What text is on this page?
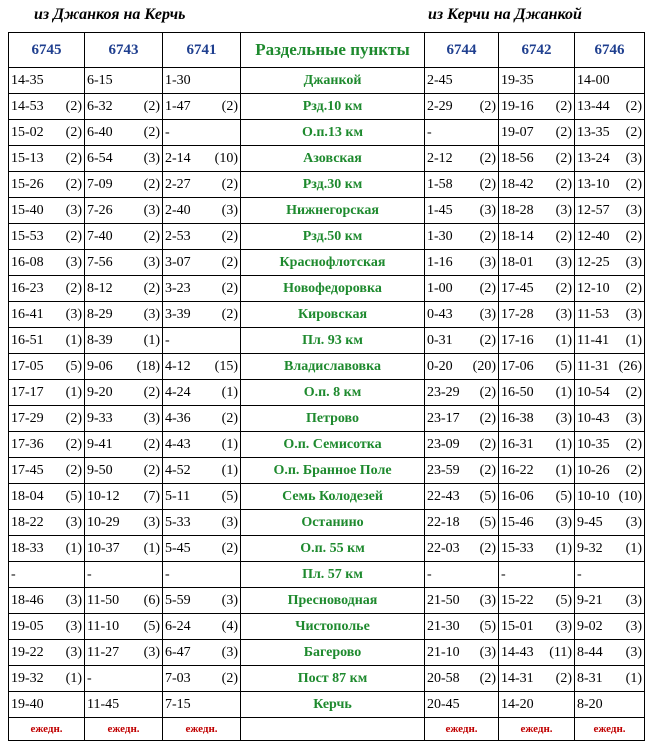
из Джанкоя на Керчь	из Керчи на Джанкой
6745	6743	6741	Раздельные пункты	6744	6742	6746

14-35	6-15	1-30	Джанкой	2-45	19-35	14-00

14-53 (2)	6-32 (2)	1-47 (2)	Рзд.10 км	2-29 (2)	19-16 (2)	13-44 (2)

15-02 (2)	6-40 (2)	-	О.п.13 км	-	19-07 (2)	13-35 (2)

15-13 (2)	6-54 (3)	2-14 (10)	Азовская	2-12 (2)	18-56 (2)	13-24 (3)

15-26 (2)	7-09 (2)	2-27 (2)	Рзд.30 км	1-58 (2)	18-42 (2)	13-10 (2)

15-40 (3)	7-26 (3)	2-40 (3)	Нижнегорская	1-45 (3)	18-28 (3)	12-57 (3)

15-53 (2)	7-40 (2)	2-53 (2)	Рзд.50 км	1-30 (2)	18-14 (2)	12-40 (2)

16-08 (3)	7-56 (3)	3-07 (2)	Краснофлотская	1-16 (3)	18-01 (3)	12-25 (3)

16-23 (2)	8-12 (2)	3-23 (2)	Новофедоровка	1-00 (2)	17-45 (2)	12-10 (2)

16-41 (3)	8-29 (3)	3-39 (2)	Кировская	0-43 (3)	17-28 (3)	11-53 (3)

16-51 (1)	8-39 (1)	-	Пл. 93 км	0-31 (2)	17-16 (1)	11-41 (1)

17-05 (5)	9-06 (18)	4-12 (15)	Владиславовка	0-20 (20)	17-06 (5)	11-31 (26)

17-17 (1)	9-20 (2)	4-24 (1)	О.п. 8 км	23-29 (2)	16-50 (1)	10-54 (2)

17-29 (2)	9-33 (3)	4-36 (2)	Петрово	23-17 (2)	16-38 (3)	10-43 (3)

17-36 (2)	9-41 (2)	4-43 (1)	О.п. Семисотка	23-09 (2)	16-31 (1)	10-35 (2)

17-45 (2)	9-50 (2)	4-52 (1)	О.п. Бранное Поле	23-59 (2)	16-22 (1)	10-26 (2)

18-04 (5)	10-12 (7)	5-11 (5)	Семь Колодезей	22-43 (5)	16-06 (5)	10-10 (10)

18-22 (3)	10-29 (3)	5-33 (3)	Останино	22-18 (5)	15-46 (3)	9-45 (3)

18-33 (1)	10-37 (1)	5-45 (2)	О.п. 55 км	22-03 (2)	15-33 (1)	9-32 (1)

-	-	-	Пл. 57 км	-	-	-

18-46 (3)	11-50 (6)	5-59 (3)	Пресноводная	21-50 (3)	15-22 (5)	9-21 (3)

19-05 (3)	11-10 (5)	6-24 (4)	Чистополье	21-30 (5)	15-01 (3)	9-02 (3)

19-22 (3)	11-27 (3)	6-47 (3)	Багерово	21-10 (3)	14-43 (11)	8-44 (3)

19-32 (1)	-	7-03 (2)	Пост 87 км	20-58 (2)	14-31 (2)	8-31 (1)

19-40	11-45	7-15	Керчь	20-45	14-20	8-20

ежедн.	ежедн.	ежедн.		ежедн.	ежедн.	ежедн.
